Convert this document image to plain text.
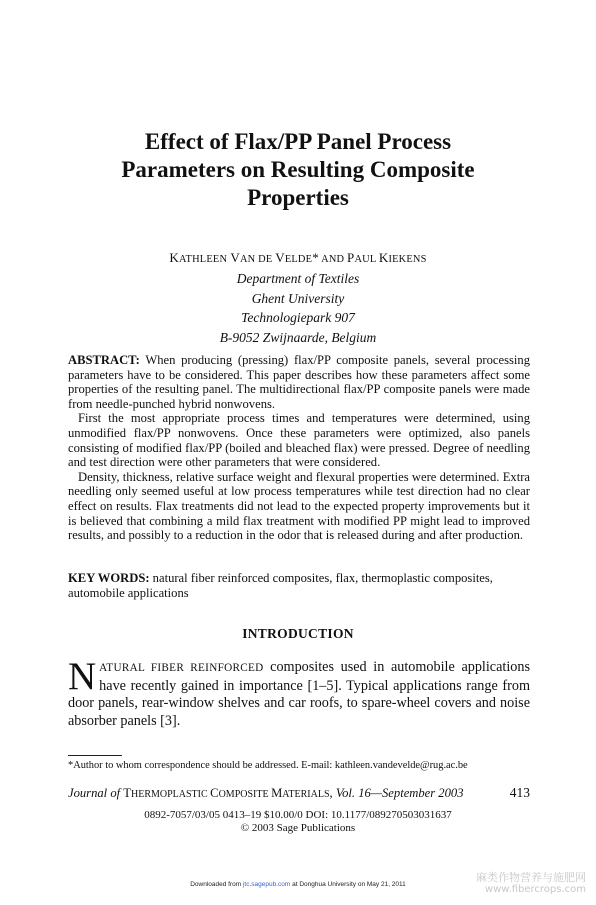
Effect of Flax/PP Panel Process
Parameters on Resulting Composite
Properties
KATHLEEN VAN DE VELDE* AND PAUL KIEKENS
Department of Textiles
Ghent University
Technologiepark 907
B-9052 Zwijnaarde, Belgium

ABSTRACT: When producing (pressing) flax/PP composite panels, several processing parameters have to be considered. This paper describes how these parameters affect some properties of the resulting panel. The multidirectional flax/PP composite panels were made from needle-punched hybrid nonwovens.

First the most appropriate process times and temperatures were determined, using unmodified flax/PP nonwovens. Once these parameters were optimized, also panels consisting of modified flax/PP (boiled and bleached flax) were pressed. Degree of needling and test direction were other parameters that were considered.

Density, thickness, relative surface weight and flexural properties were determined. Extra needling only seemed useful at low process temperatures while test direction had no clear effect on results. Flax treatments did not lead to the expected property improvements but it is believed that combining a mild flax treatment with modified PP might lead to improved results, and possibly to a reduction in the odor that is released during and after production.

KEY WORDS: natural fiber reinforced composites, flax, thermoplastic composites, automobile applications
INTRODUCTION
NATURAL FIBER REINFORCED composites used in automobile applications have recently gained in importance [1–5]. Typical applications range from door panels, rear-window shelves and car roofs, to spare-wheel covers and noise absorber panels [3].
*Author to whom correspondence should be addressed. E-mail: kathleen.vandevelde@rug.ac.be
Journal of THERMOPLASTIC COMPOSITE MATERIALS, Vol. 16—September 2003	413
0892-7057/03/05 0413–19 $10.00/0 DOI: 10.1177/089270503031637
© 2003 Sage Publications
Downloaded from jtc.sagepub.com at Donghua University on May 21, 2011
麻类作物营养与施肥网
www.fibercrops.com
